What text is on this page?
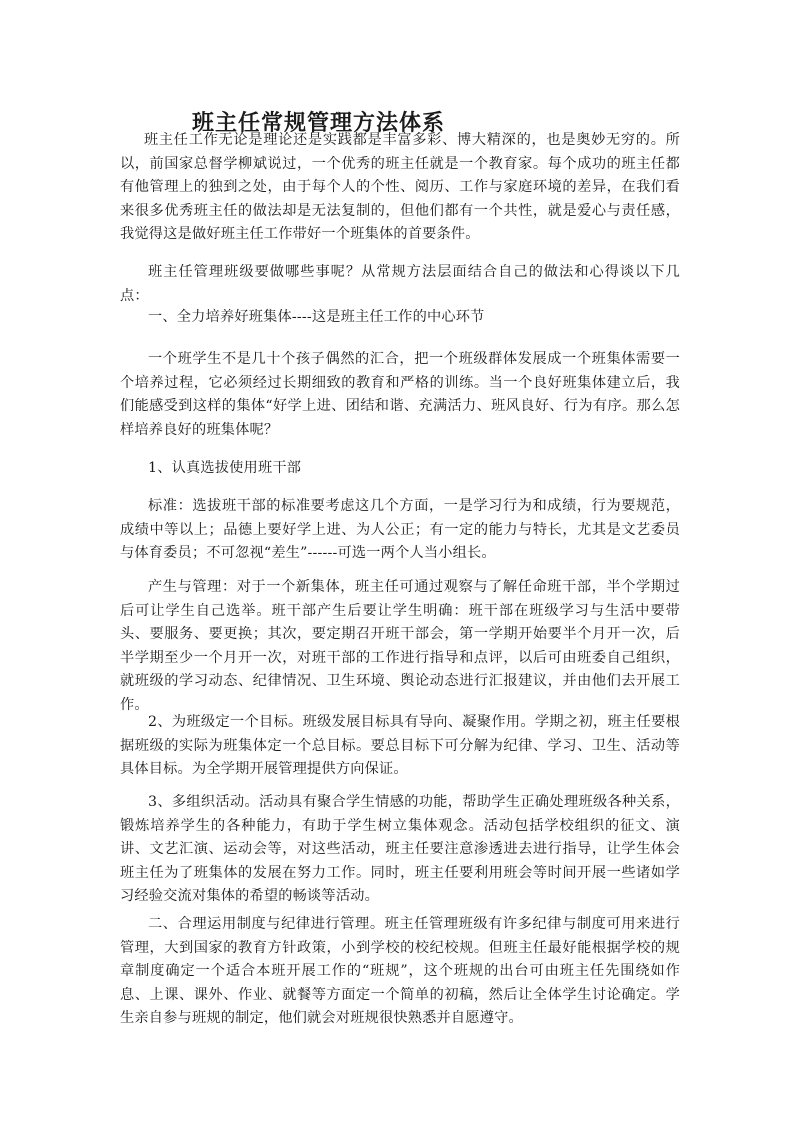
班主任常规管理方法体系

班主任工作无论是理论还是实践都是丰富多彩、博大精深的，也是奥妙无穷的。所以，前国家总督学柳斌说过，一个优秀的班主任就是一个教育家。每个成功的班主任都有他管理上的独到之处，由于每个人的个性、阅历、工作与家庭环境的差异，在我们看来很多优秀班主任的做法却是无法复制的，但他们都有一个共性，就是爱心与责任感，我觉得这是做好班主任工作带好一个班集体的首要条件。

班主任管理班级要做哪些事呢？从常规方法层面结合自己的做法和心得谈以下几点：

一、全力培养好班集体----这是班主任工作的中心环节

一个班学生不是几十个孩子偶然的汇合，把一个班级群体发展成一个班集体需要一个培养过程，它必须经过长期细致的教育和严格的训练。当一个良好班集体建立后，我们能感受到这样的集体“好学上进、团结和谐、充满活力、班风良好、行为有序。那么怎样培养良好的班集体呢？

1、认真选拔使用班干部

标准：选拔班干部的标准要考虑这几个方面，一是学习行为和成绩，行为要规范，成绩中等以上；品德上要好学上进、为人公正；有一定的能力与特长，尤其是文艺委员与体育委员；不可忽视“差生”------可选一两个人当小组长。

产生与管理：对于一个新集体，班主任可通过观察与了解任命班干部，半个学期过后可让学生自己选举。班干部产生后要让学生明确：班干部在班级学习与生活中要带头、要服务、要更换；其次，要定期召开班干部会，第一学期开始要半个月开一次，后半学期至少一个月开一次，对班干部的工作进行指导和点评，以后可由班委自己组织，就班级的学习动态、纪律情况、卫生环境、舆论动态进行汇报建议，并由他们去开展工作。

2、为班级定一个目标。班级发展目标具有导向、凝聚作用。学期之初，班主任要根据班级的实际为班集体定一个总目标。要总目标下可分解为纪律、学习、卫生、活动等具体目标。为全学期开展管理提供方向保证。

3、多组织活动。活动具有聚合学生情感的功能，帮助学生正确处理班级各种关系，锻炼培养学生的各种能力，有助于学生树立集体观念。活动包括学校组织的征文、演讲、文艺汇演、运动会等，对这些活动，班主任要注意渗透进去进行指导，让学生体会班主任为了班集体的发展在努力工作。同时，班主任要利用班会等时间开展一些诸如学习经验交流对集体的希望的畅谈等活动。

二、合理运用制度与纪律进行管理。班主任管理班级有许多纪律与制度可用来进行管理，大到国家的教育方针政策，小到学校的校纪校规。但班主任最好能根据学校的规章制度确定一个适合本班开展工作的“班规”，这个班规的出台可由班主任先围绕如作息、上课、课外、作业、就餐等方面定一个简单的初稿，然后让全体学生讨论确定。学生亲自参与班规的制定，他们就会对班规很快熟悉并自愿遵守。
